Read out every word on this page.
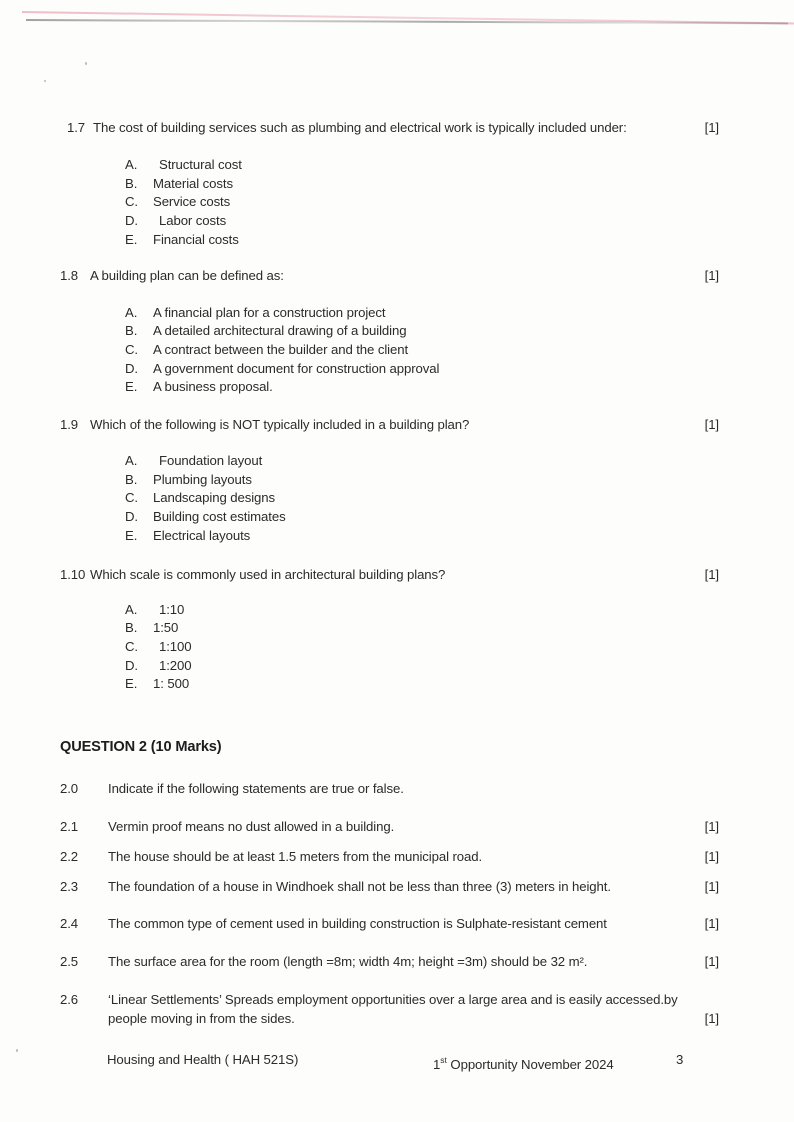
1.7 The cost of building services such as plumbing and electrical work is typically included under:	[1]
A.	Structural cost
B.	Material costs
C.	Service costs
D.	Labor costs
E.	Financial costs
1.8 A building plan can be defined as:	[1]
A.	A financial plan for a construction project
B.	A detailed architectural drawing of a building
C.	A contract between the builder and the client
D.	A government document for construction approval
E.	A business proposal.
1.9 Which of the following is NOT typically included in a building plan?	[1]
A.	Foundation layout
B.	Plumbing layouts
C.	Landscaping designs
D.	Building cost estimates
E.	Electrical layouts
1.10 Which scale is commonly used in architectural building plans?	[1]
A.	1:10
B.	1:50
C.	1:100
D.	1:200
E.	1: 500
QUESTION 2 (10 Marks)
2.0	Indicate if the following statements are true or false.
2.1	Vermin proof means no dust allowed in a building.	[1]
2.2	The house should be at least 1.5 meters from the municipal road.	[1]
2.3	The foundation of a house in Windhoek shall not be less than three (3) meters in height.	[1]
2.4	The common type of cement used in building construction is Sulphate-resistant cement	[1]
2.5	The surface area for the room (length =8m; width 4m; height =3m) should be 32 m².	[1]
2.6	‘Linear Settlements’ Spreads employment opportunities over a large area and is easily accessed.by people moving in from the sides.	[1]
Housing and Health ( HAH 521S)	1st Opportunity November 2024	3
